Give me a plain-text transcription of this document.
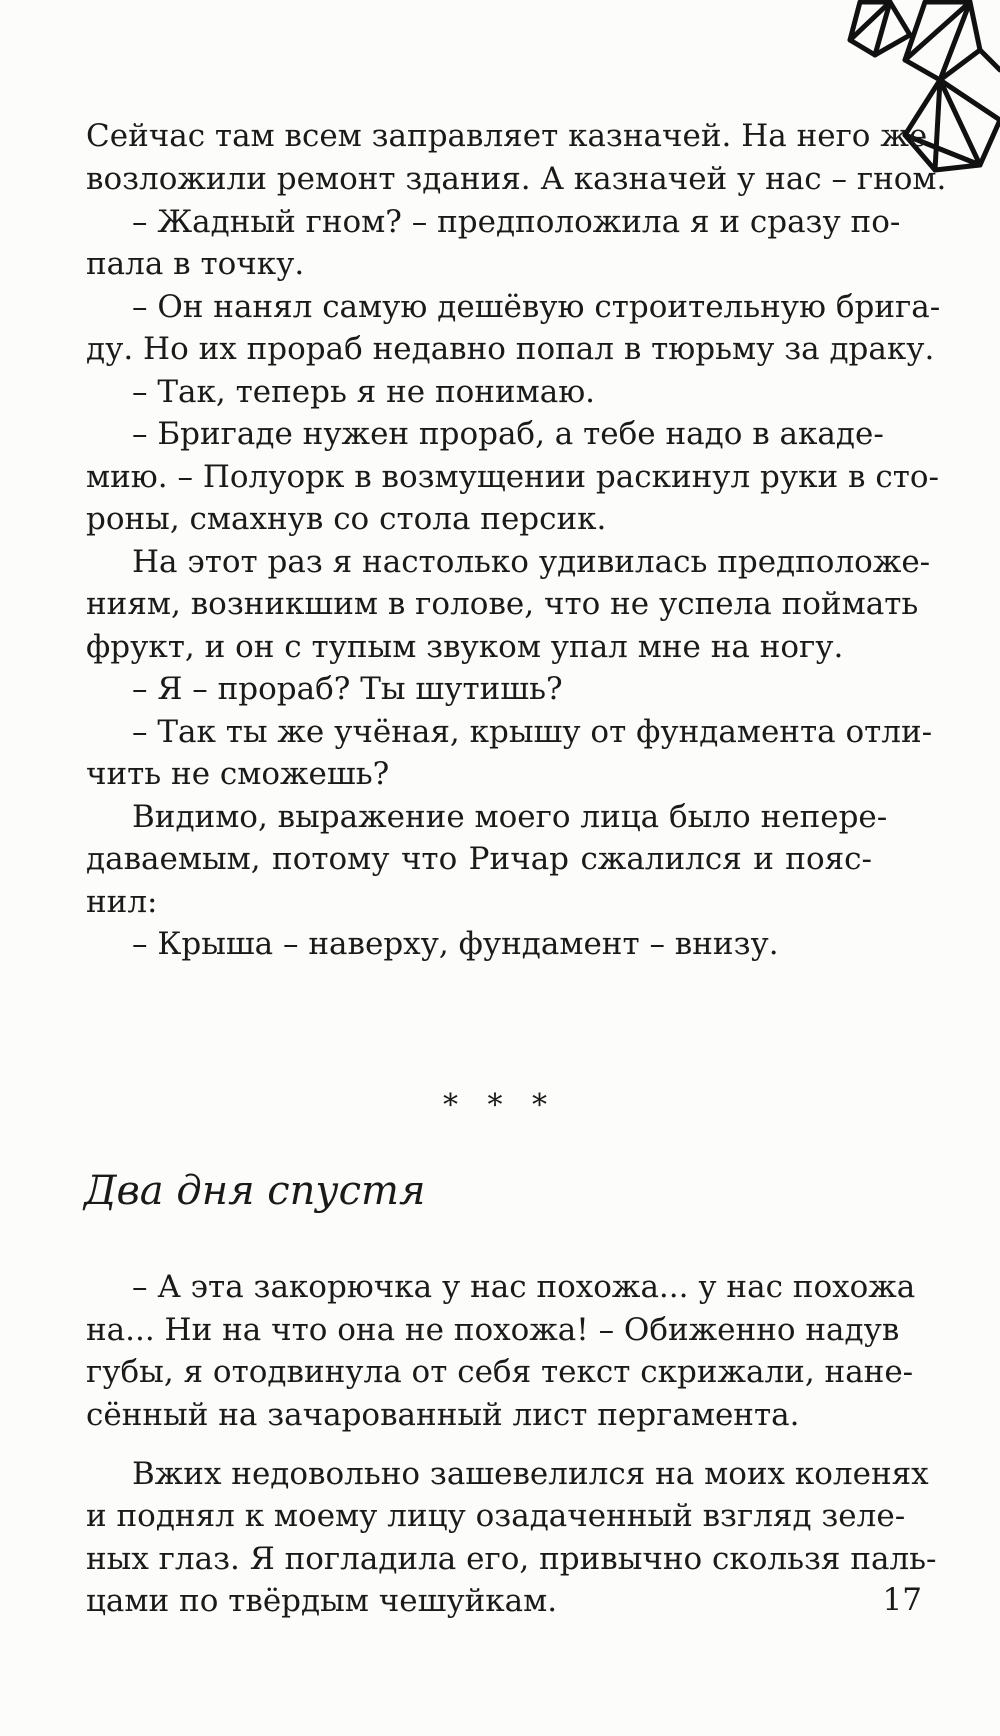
Сейчас там всем заправляет казначей. На него же
возложили ремонт здания. А казначей у нас – гном.
– Жадный гном? – предположила я и сразу по-
пала в точку.
– Он нанял самую дешёвую строительную брига-
ду. Но их прораб недавно попал в тюрьму за драку.
– Так, теперь я не понимаю.
– Бригаде нужен прораб, а тебе надо в акаде-
мию. – Полуорк в возмущении раскинул руки в сто-
роны, смахнув со стола персик.
На этот раз я настолько удивилась предположе-
ниям, возникшим в голове, что не успела поймать
фрукт, и он с тупым звуком упал мне на ногу.
– Я – прораб? Ты шутишь?
– Так ты же учёная, крышу от фундамента отли-
чить не сможешь?
Видимо, выражение моего лица было непере-
даваемым, потому что Ричар сжалился и пояс-
нил:
– Крыша – наверху, фундамент – внизу.
* * *
Два дня спустя
– А эта закорючка у нас похожа... у нас похожа
на... Ни на что она не похожа! – Обиженно надув
губы, я отодвинула от себя текст скрижали, нане-
сённый на зачарованный лист пергамента.
Вжих недовольно зашевелился на моих коленях
и поднял к моему лицу озадаченный взгляд зеле-
ных глаз. Я погладила его, привычно скользя паль-
цами по твёрдым чешуйкам.	17
